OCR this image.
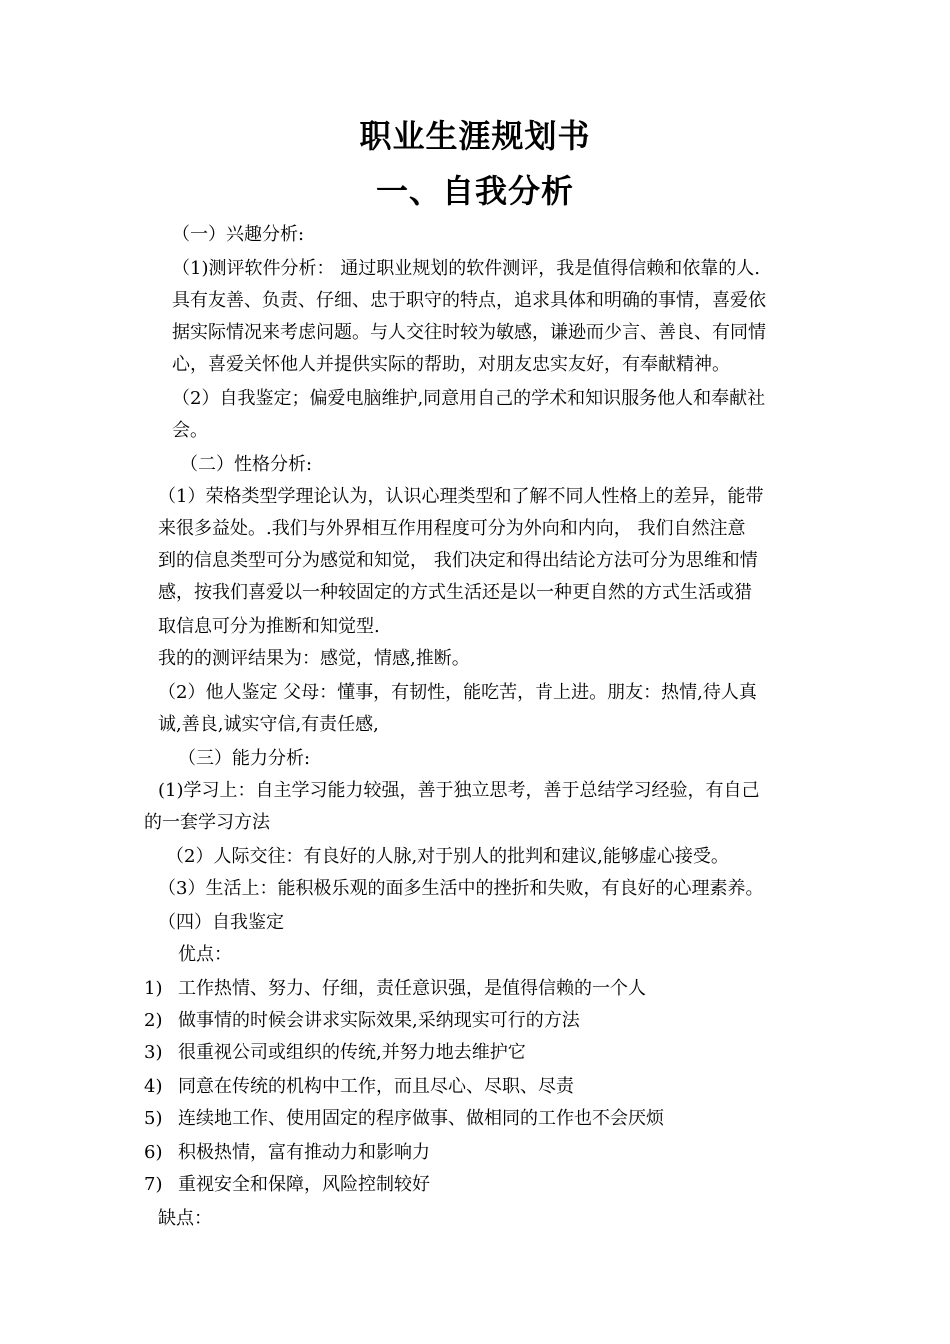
职业生涯规划书
一、自我分析
（一）兴趣分析:
（1)测评软件分析： 通过职业规划的软件测评，我是值得信赖和依靠的人.
具有友善、负责、仔细、忠于职守的特点，追求具体和明确的事情，喜爱依
据实际情况来考虑问题。与人交往时较为敏感，谦逊而少言、善良、有同情
心，喜爱关怀他人并提供实际的帮助，对朋友忠实友好，有奉献精神。
（2）自我鉴定；偏爱电脑维护,同意用自己的学术和知识服务他人和奉献社
会。
（二）性格分析:
（1）荣格类型学理论认为，认识心理类型和了解不同人性格上的差异，能带
来很多益处。.我们与外界相互作用程度可分为外向和内向， 我们自然注意
到的信息类型可分为感觉和知觉， 我们决定和得出结论方法可分为思维和情
感，按我们喜爱以一种较固定的方式生活还是以一种更自然的方式生活或猎
取信息可分为推断和知觉型.
我的的测评结果为：感觉，情感,推断。
（2）他人鉴定 父母：懂事，有韧性，能吃苦，肯上进。朋友：热情,待人真
诚,善良,诚实守信,有责任感,
（三）能力分析:
(1)学习上：自主学习能力较强，善于独立思考，善于总结学习经验，有自己
的一套学习方法
（2）人际交往：有良好的人脉,对于别人的批判和建议,能够虚心接受。
（3）生活上：能积极乐观的面多生活中的挫折和失败，有良好的心理素养。
（四）自我鉴定
优点：
1) 工作热情、努力、仔细，责任意识强，是值得信赖的一个人
2) 做事情的时候会讲求实际效果,采纳现实可行的方法
3) 很重视公司或组织的传统,并努力地去维护它
4) 同意在传统的机构中工作，而且尽心、尽职、尽责
5) 连续地工作、使用固定的程序做事、做相同的工作也不会厌烦
6) 积极热情，富有推动力和影响力
7) 重视安全和保障，风险控制较好
缺点：
